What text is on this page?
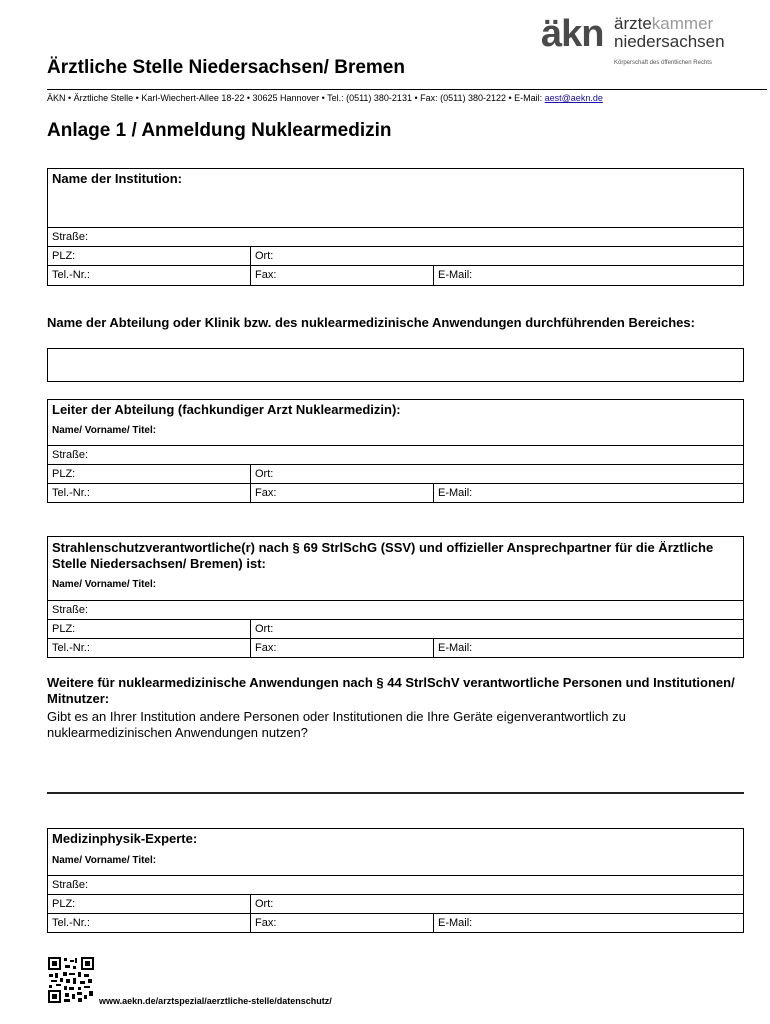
äkn ärztekammer
niedersachsen
Körperschaft des öffentlichen Rechts
Ärztliche Stelle Niedersachsen/ Bremen
ÄKN • Ärztliche Stelle • Karl-Wiechert-Allee 18-22 • 30625 Hannover • Tel.: (0511) 380-2131 • Fax: (0511) 380-2122 • E-Mail: aest@aekn.de
Anlage 1 / Anmeldung Nuklearmedizin
Name der Institution:
Straße:
PLZ:	Ort:
Tel.-Nr.:	Fax:	E-Mail:
Name der Abteilung oder Klinik bzw. des nuklearmedizinische Anwendungen durchführenden Bereiches:
Leiter der Abteilung (fachkundiger Arzt Nuklearmedizin):
Name/ Vorname/ Titel:
Straße:
PLZ:	Ort:
Tel.-Nr.:	Fax:	E-Mail:
Strahlenschutzverantwortliche(r) nach § 69 StrlSchG (SSV) und offizieller Ansprechpartner für die Ärztliche Stelle Niedersachsen/ Bremen) ist:
Name/ Vorname/ Titel:
Straße:
PLZ:	Ort:
Tel.-Nr.:	Fax:	E-Mail:
Weitere für nuklearmedizinische Anwendungen nach § 44 StrlSchV verantwortliche Personen und Institutionen/ Mitnutzer:
Gibt es an Ihrer Institution andere Personen oder Institutionen die Ihre Geräte eigenverantwortlich zu nuklearmedizinischen Anwendungen nutzen?
Medizinphysik-Experte:
Name/ Vorname/ Titel:
Straße:
PLZ:	Ort:
Tel.-Nr.:	Fax:	E-Mail:
www.aekn.de/arztspezial/aerztliche-stelle/datenschutz/
